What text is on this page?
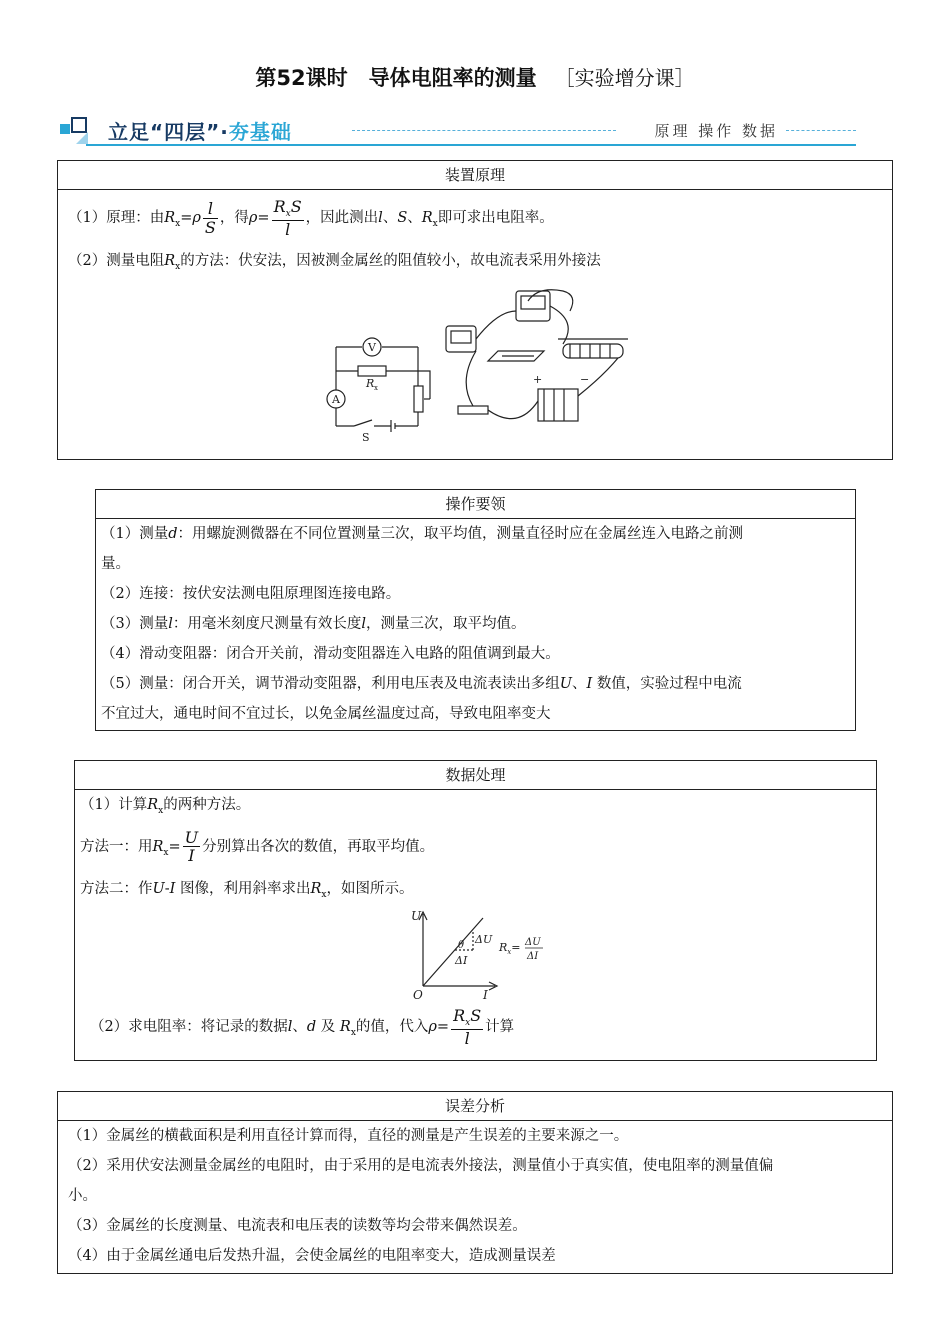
第52课时　导体电阻率的测量 ［实验增分课］
立足“四层”·夯基础	原理 操作 数据
装置原理
（1）原理：由$R_x=\rho \frac{l}{S}$ ，得$\rho= \frac{R_xS}{l}$ ，因此测出l、S、$R_x$即可求出电阻率。
（2）测量电阻$R_x$的方法：伏安法，因被测金属丝的阻值较小，故电流表采用外接法
V
A
R x
S
+	−
操作要领
（1）测量d：用螺旋测微器在不同位置测量三次，取平均值，测量直径时应在金属丝连入电路之前测
量。
（2）连接：按伏安法测电阻原理图连接电路。
（3）测量l：用毫米刻度尺测量有效长度l，测量三次，取平均值。
（4）滑动变阻器：闭合开关前，滑动变阻器连入电路的阻值调到最大。
（5）测量：闭合开关，调节滑动变阻器，利用电压表及电流表读出多组U、I 数值，实验过程中电流
不宜过大，通电时间不宜过长，以免金属丝温度过高，导致电阻率变大
数据处理
（1）计算$R_x$的两种方法。
方法一：用$R_x= \frac{U}{I}$ 分别算出各次的数值，再取平均值。
方法二：作U-I 图像，利用斜率求出$R_x$，如图所示。
U
I
O
θ ΔU
ΔI
$R_x= \Delta U$
ΔI
（2）求电阻率：将记录的数据l、d 及 $R_x$的值，代入$\rho= \frac{R_xS}{l}$ 计算
误差分析
（1）金属丝的横截面积是利用直径计算而得，直径的测量是产生误差的主要来源之一。
（2）采用伏安法测量金属丝的电阻时，由于采用的是电流表外接法，测量值小于真实值，使电阻率的测量值偏
小。
（3）金属丝的长度测量、电流表和电压表的读数等均会带来偶然误差。
（4）由于金属丝通电后发热升温，会使金属丝的电阻率变大，造成测量误差
